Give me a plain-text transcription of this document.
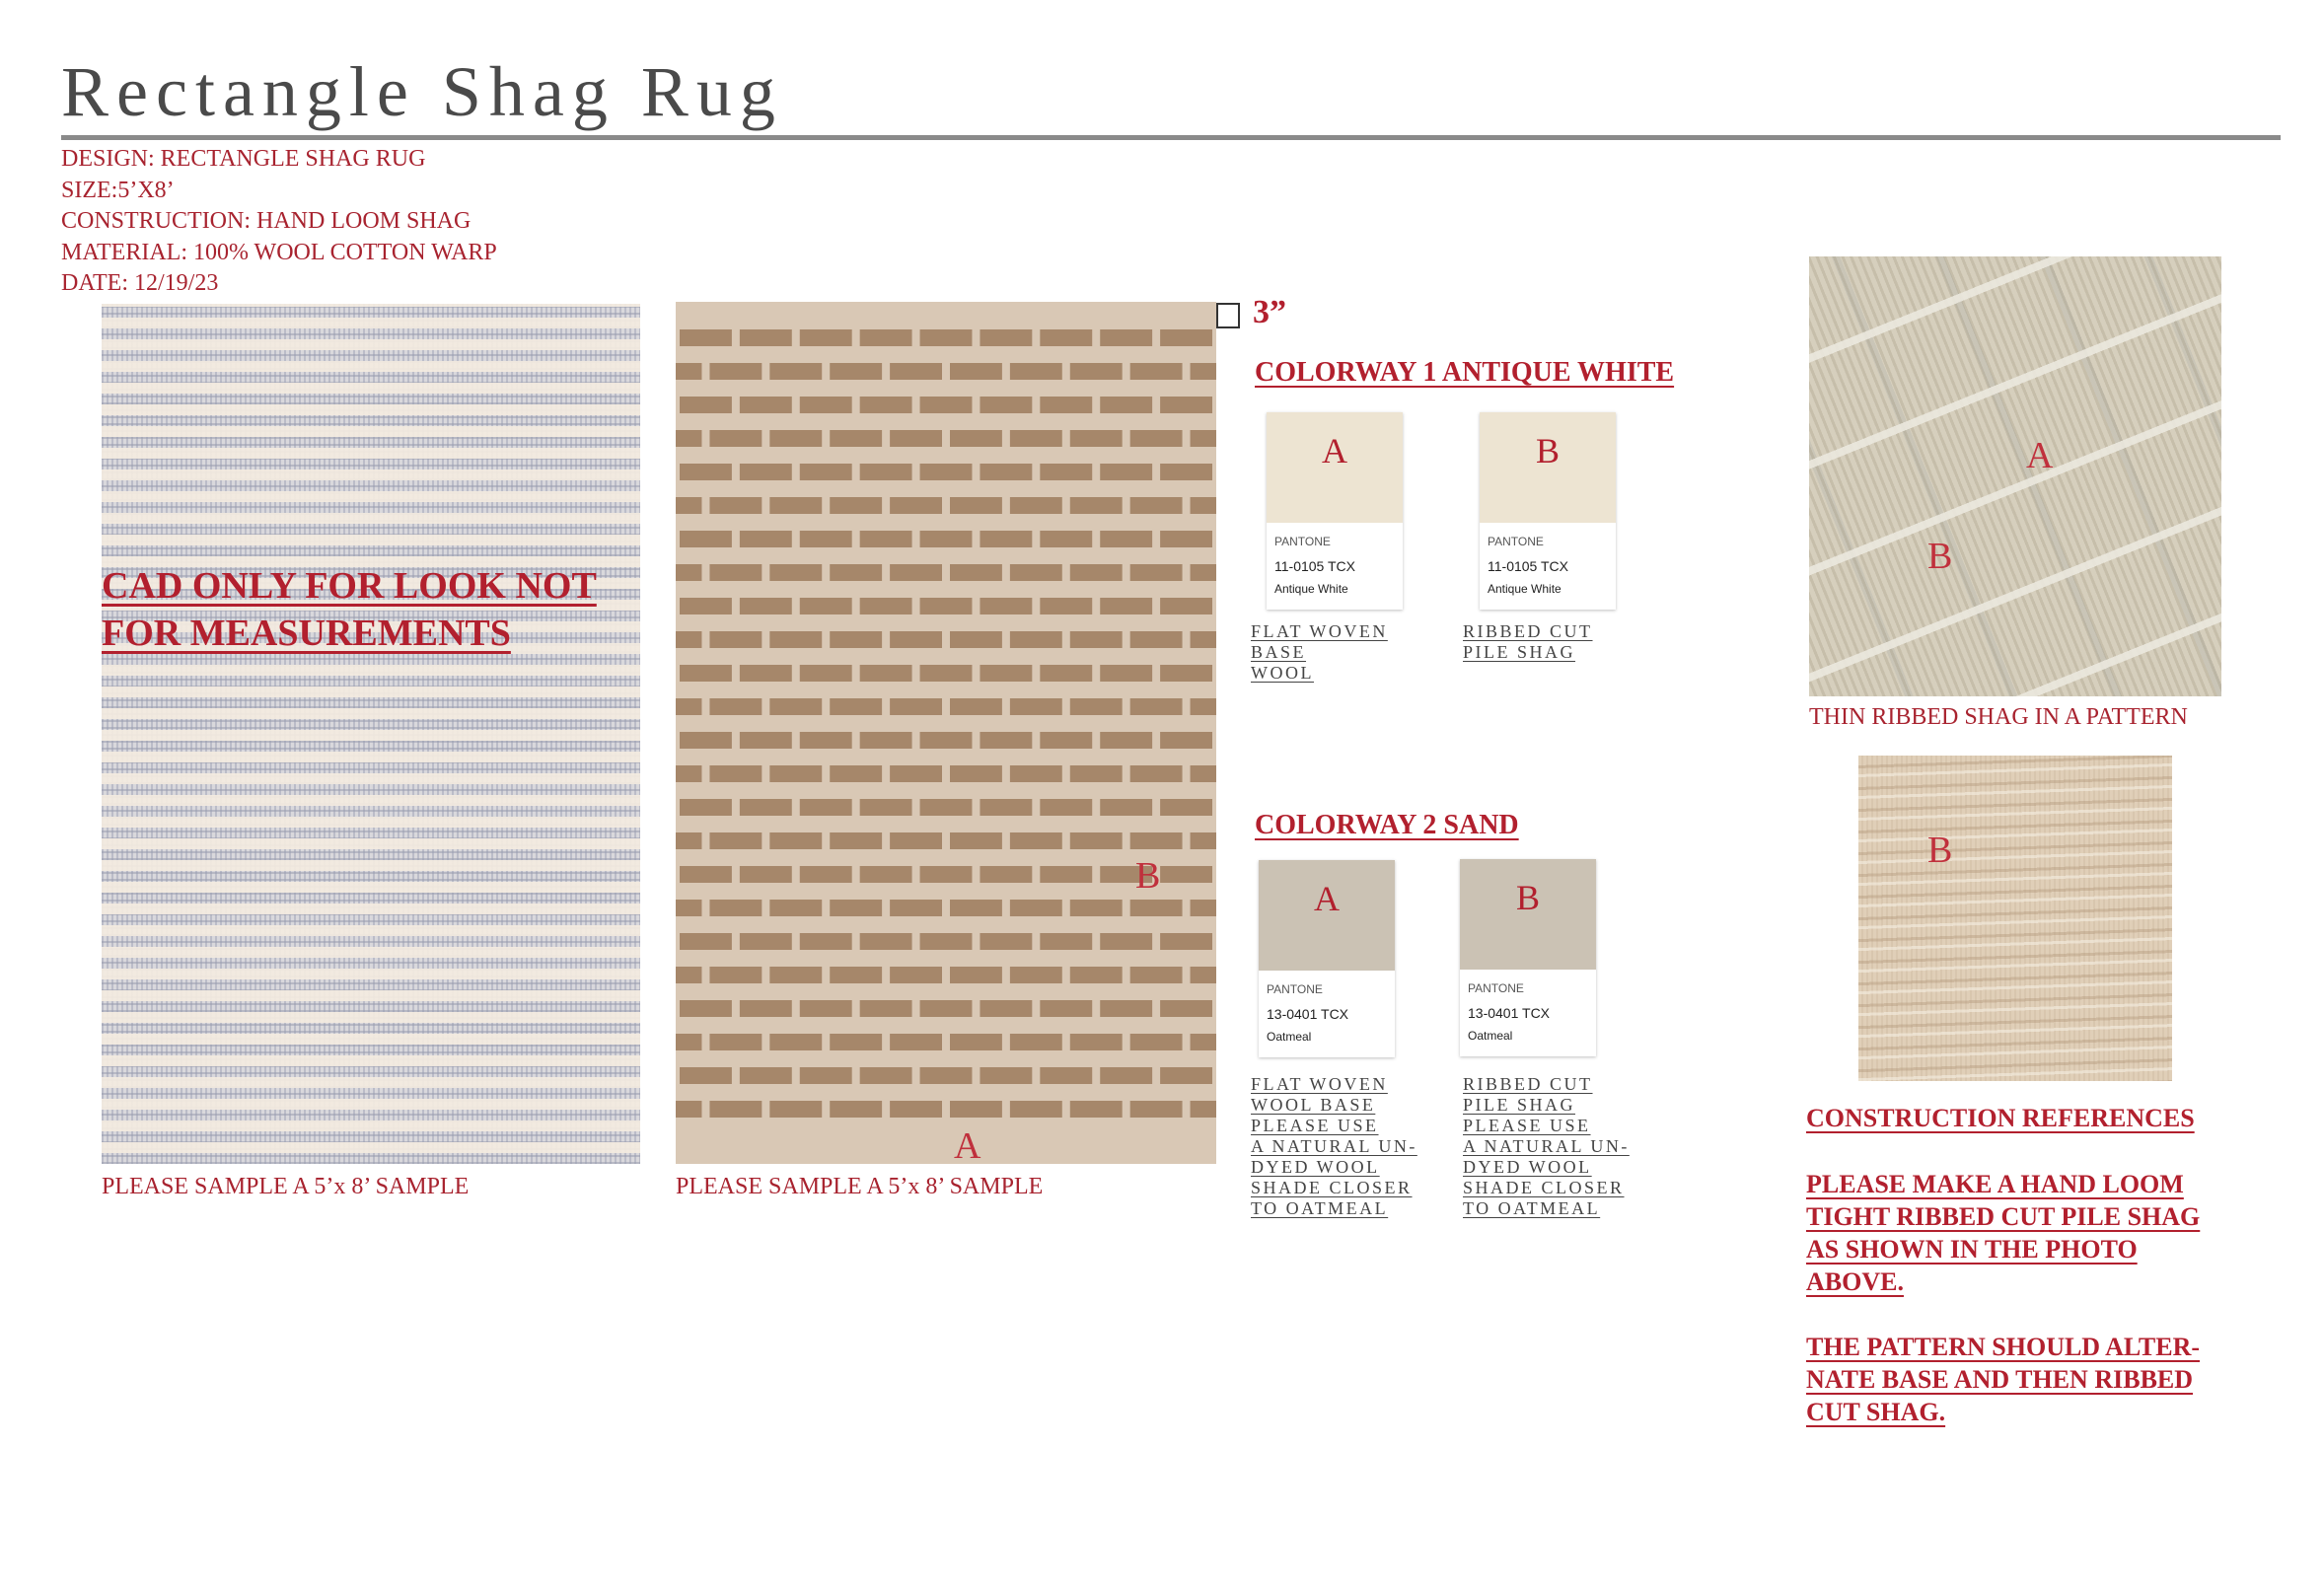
Rectangle Shag Rug
DESIGN: RECTANGLE SHAG RUG
SIZE:5’X8’
CONSTRUCTION: HAND LOOM SHAG
MATERIAL: 100% WOOL COTTON WARP
DATE: 12/19/23
CAD ONLY FOR LOOK NOT
FOR MEASUREMENTS
PLEASE SAMPLE A 5’x 8’ SAMPLE
B
A
PLEASE SAMPLE A 5’x 8’ SAMPLE
3”
COLORWAY 1 ANTIQUE WHITE
A
PANTONE
11-0105 TCX
Antique White
B
PANTONE
11-0105 TCX
Antique White
FLAT WOVEN
BASE
WOOL
RIBBED CUT
PILE SHAG
COLORWAY 2 SAND
A
PANTONE
13-0401 TCX
Oatmeal
B
PANTONE
13-0401 TCX
Oatmeal
FLAT WOVEN
WOOL BASE
PLEASE USE
A NATURAL UN-
DYED WOOL
SHADE CLOSER
TO OATMEAL
RIBBED CUT
PILE SHAG
PLEASE USE
A NATURAL UN-
DYED WOOL
SHADE CLOSER
TO OATMEAL
A
B
THIN RIBBED SHAG IN A PATTERN
B
CONSTRUCTION REFERENCES
PLEASE MAKE A HAND LOOM
TIGHT RIBBED CUT PILE SHAG
AS SHOWN IN THE PHOTO
ABOVE.
THE PATTERN SHOULD ALTER-
NATE BASE AND THEN RIBBED
CUT SHAG.
